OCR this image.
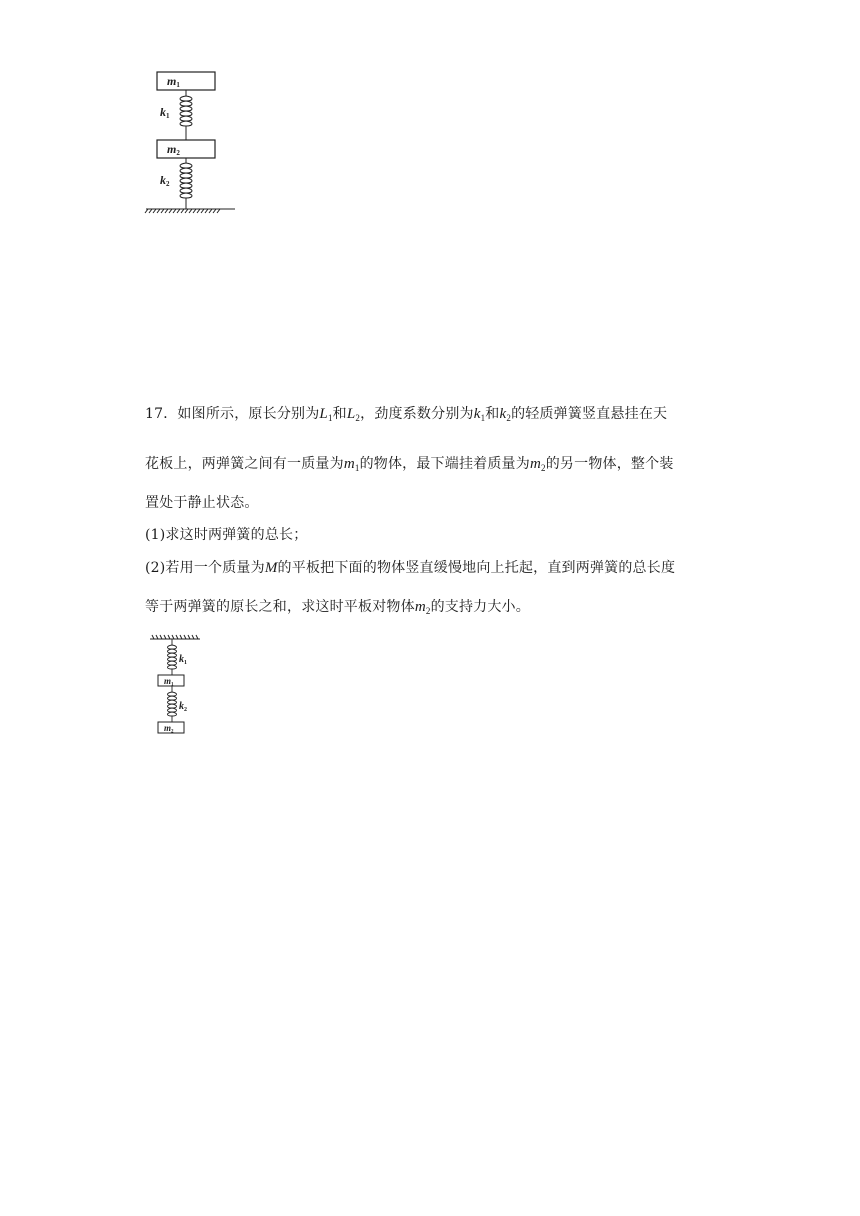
m1
k1
m2
k2
17．如图所示，原长分别为$L_1$和$L_2$，劲度系数分别为$k_1$和$k_2$的轻质弹簧竖直悬挂在天
花板上，两弹簧之间有一质量为$m_1$的物体，最下端挂着质量为$m_2$的另一物体，整个装
置处于静止状态。
(1)求这时两弹簧的总长；
(2)若用一个质量为M的平板把下面的物体竖直缓慢地向上托起，直到两弹簧的总长度
等于两弹簧的原长之和，求这时平板对物体$m_2$的支持力大小。
$k_1$
m1
$k_2$
m2
